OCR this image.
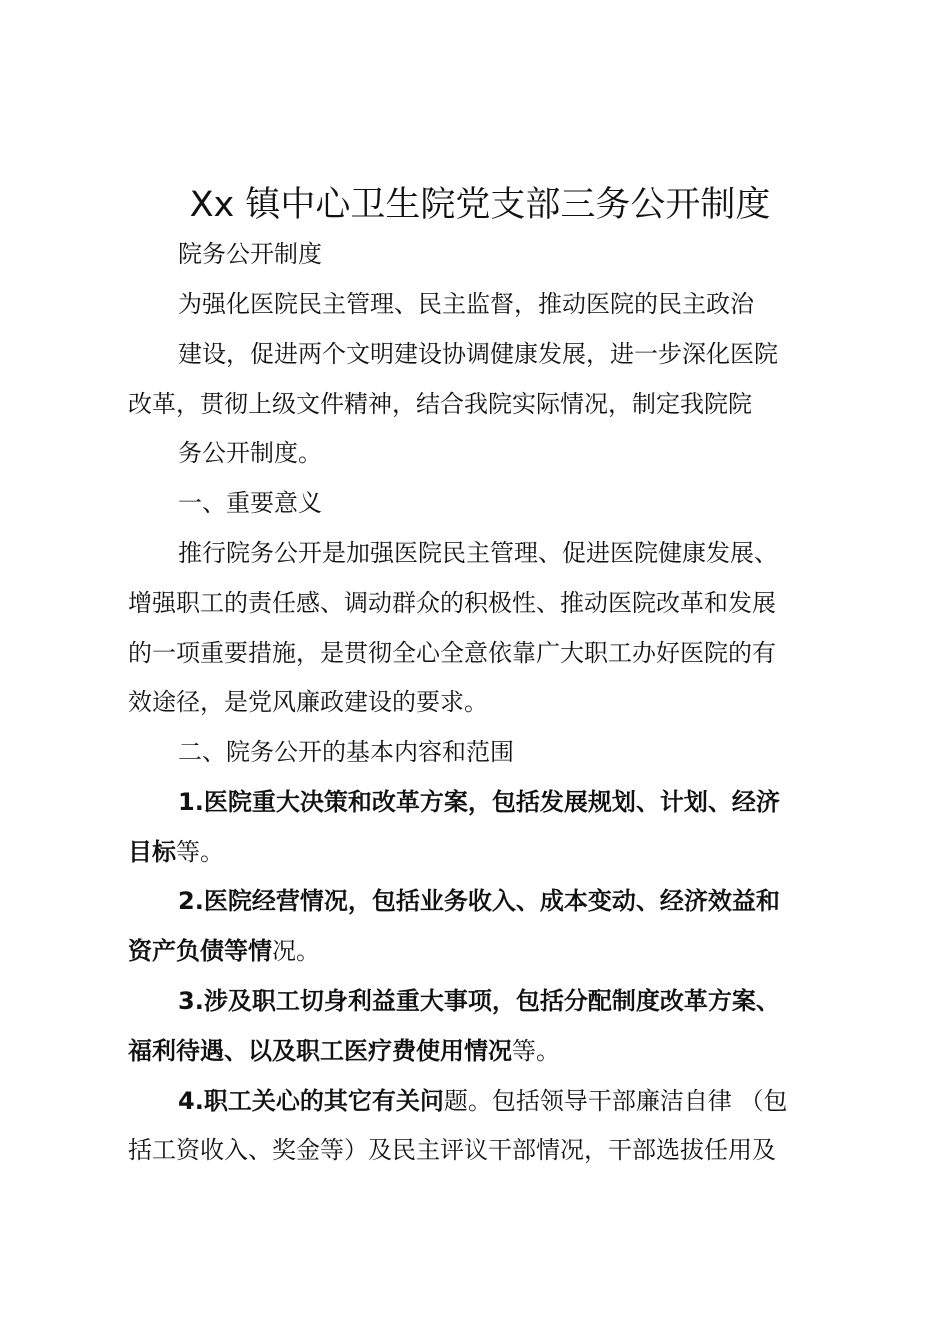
Xx 镇中心卫生院党支部三务公开制度
院务公开制度
为强化医院民主管理、民主监督，推动医院的民主政治
建设，促进两个文明建设协调健康发展，进一步深化医院
改革，贯彻上级文件精神，结合我院实际情况，制定我院院
务公开制度。
一、重要意义
推行院务公开是加强医院民主管理、促进医院健康发展、
增强职工的责任感、调动群众的积极性、推动医院改革和发展
的一项重要措施，是贯彻全心全意依靠广大职工办好医院的有
效途径，是党风廉政建设的要求。
二、院务公开的基本内容和范围
1.医院重大决策和改革方案，包括发展规划、计划、经济
目标等。
2.医院经营情况，包括业务收入、成本变动、经济效益和
资产负债等情况。
3.涉及职工切身利益重大事项，包括分配制度改革方案、
福利待遇、以及职工医疗费使用情况等。
4.职工关心的其它有关问题。包括领导干部廉洁自律 （包
括工资收入、奖金等）及民主评议干部情况，干部选拔任用及
